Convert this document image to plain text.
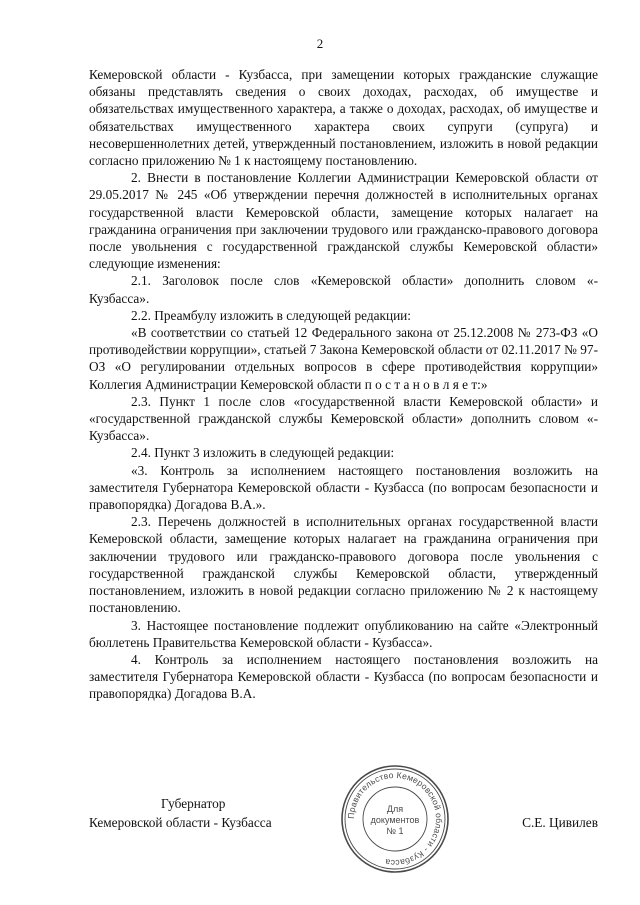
2

Кемеровской области - Кузбасса, при замещении которых гражданские служащие обязаны представлять сведения о своих доходах, расходах, об имуществе и обязательствах имущественного характера, а также о доходах, расходах, об имуществе и обязательствах имущественного характера своих супруги (супруга) и несовершеннолетних детей, утвержденный постановлением, изложить в новой редакции согласно приложению № 1 к настоящему постановлению.

2. Внести в постановление Коллегии Администрации Кемеровской области от 29.05.2017 № 245 «Об утверждении перечня должностей в исполнительных органах государственной власти Кемеровской области, замещение которых налагает на гражданина ограничения при заключении трудового или гражданско-правового договора после увольнения с государственной гражданской службы Кемеровской области» следующие изменения:

2.1. Заголовок после слов «Кемеровской области» дополнить словом «- Кузбасса».

2.2. Преамбулу изложить в следующей редакции:

«В соответствии со статьей 12 Федерального закона от 25.12.2008 № 273-ФЗ «О противодействии коррупции», статьей 7 Закона Кемеровской области от 02.11.2017 № 97-ОЗ «О регулировании отдельных вопросов в сфере противодействия коррупции» Коллегия Администрации Кемеровской области п о с т а н о в л я е т:»

2.3. Пункт 1 после слов «государственной власти Кемеровской области» и «государственной гражданской службы Кемеровской области» дополнить словом «- Кузбасса».

2.4. Пункт 3 изложить в следующей редакции:

«3. Контроль за исполнением настоящего постановления возложить на заместителя Губернатора Кемеровской области - Кузбасса (по вопросам безопасности и правопорядка) Догадова В.А.».

2.3. Перечень должностей в исполнительных органах государственной власти Кемеровской области, замещение которых налагает на гражданина ограничения при заключении трудового или гражданско-правового договора после увольнения с государственной гражданской службы Кемеровской области, утвержденный постановлением, изложить в новой редакции согласно приложению № 2 к настоящему постановлению.

3. Настоящее постановление подлежит опубликованию на сайте «Электронный бюллетень Правительства Кемеровской области - Кузбасса».

4. Контроль за исполнением настоящего постановления возложить на заместителя Губернатора Кемеровской области - Кузбасса (по вопросам безопасности и правопорядка) Догадова В.А.

Губернатор
Кемеровской области - Кузбасса	С.Е. Цивилев
Правительство Кемеровской области - Кузбасса
Для
документов
№ 1
